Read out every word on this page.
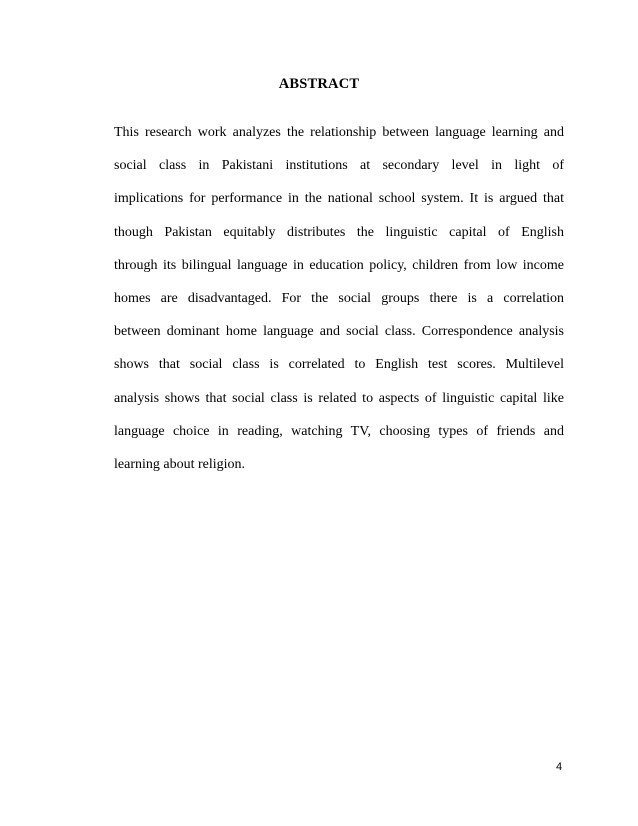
ABSTRACT
This research work analyzes the relationship between language learning and
social class in Pakistani institutions at secondary level in light of
implications for performance in the national school system. It is argued that
though Pakistan equitably distributes the linguistic capital of English
through its bilingual language in education policy, children from low income
homes are disadvantaged. For the social groups there is a correlation
between dominant home language and social class. Correspondence analysis
shows that social class is correlated to English test scores. Multilevel
analysis shows that social class is related to aspects of linguistic capital like
language choice in reading, watching TV, choosing types of friends and
learning about religion.
4
